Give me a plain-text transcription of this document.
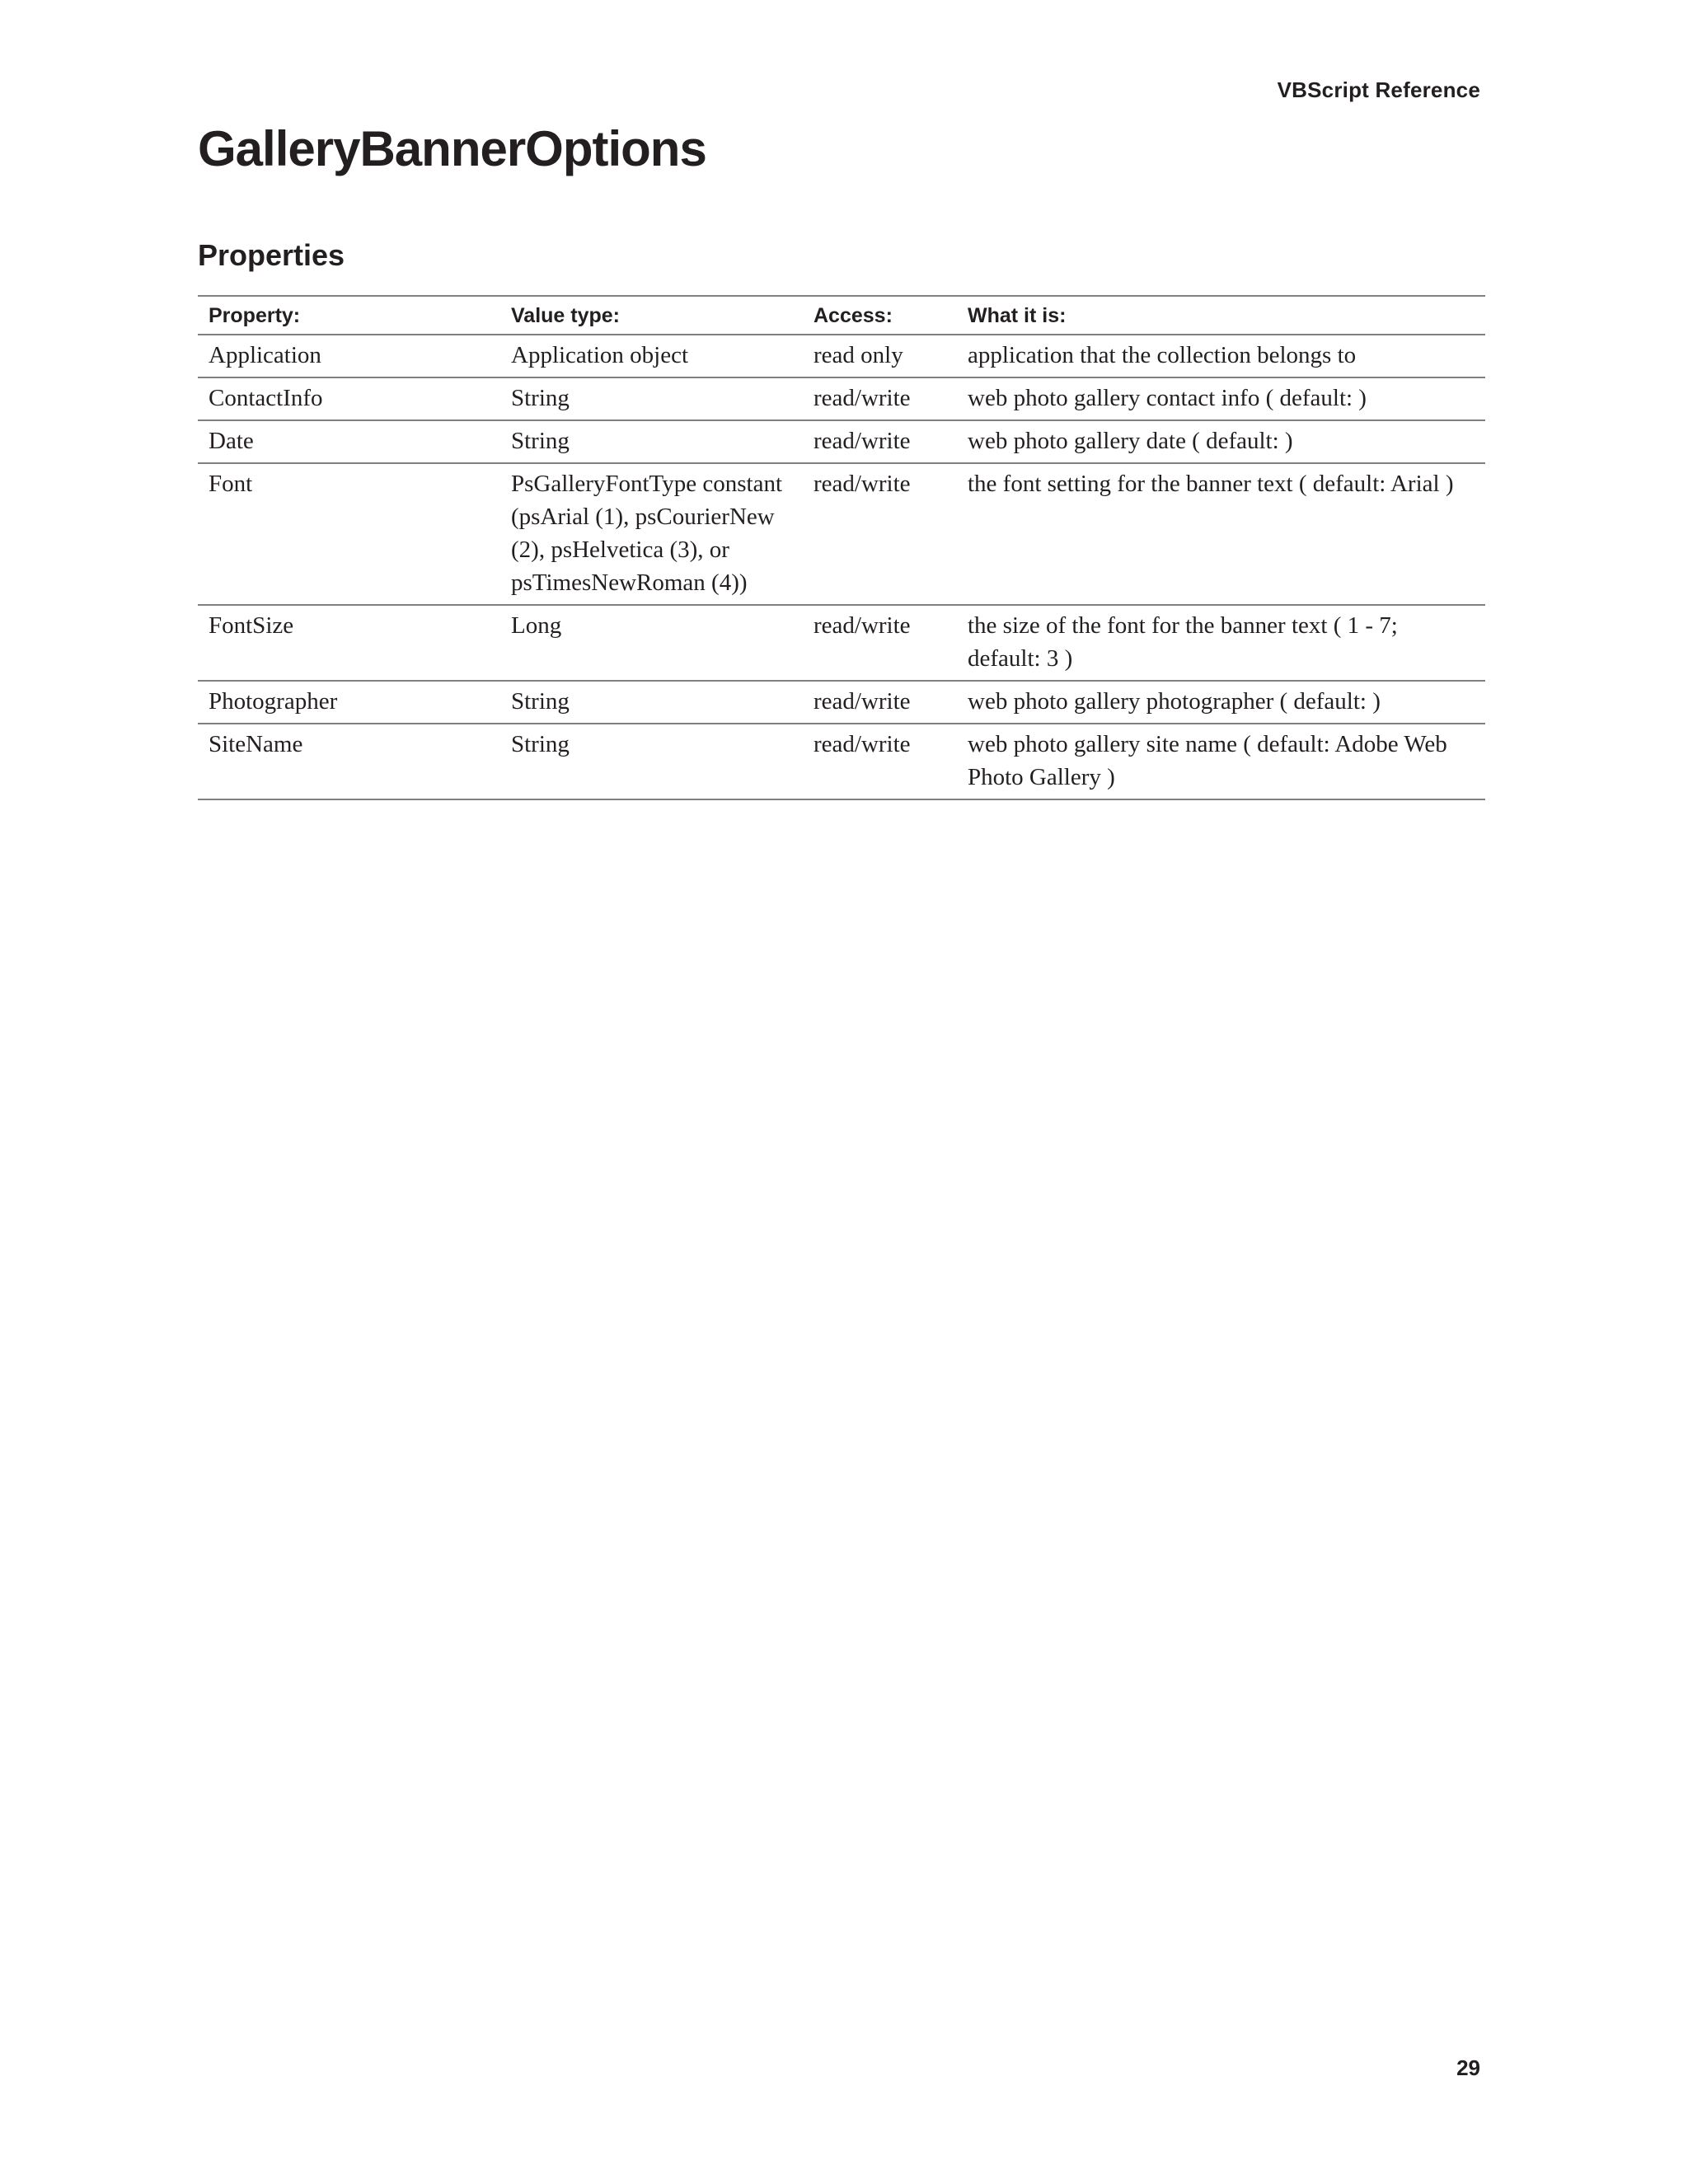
VBScript Reference
GalleryBannerOptions
Properties
Property:	Value type:	Access:	What it is:
Application	Application object	read only	application that the collection belongs to
ContactInfo	String	read/write	web photo gallery contact info ( default: )
Date	String	read/write	web photo gallery date ( default: )
Font	PsGalleryFontType constant (psArial (1), psCourierNew (2), psHelvetica (3), or psTimesNewRoman (4))	read/write	the font setting for the banner text ( default: Arial )
FontSize	Long	read/write	the size of the font for the banner text ( 1 - 7; default: 3 )
Photographer	String	read/write	web photo gallery photographer ( default: )
SiteName	String	read/write	web photo gallery site name ( default: Adobe Web Photo Gallery )
29
